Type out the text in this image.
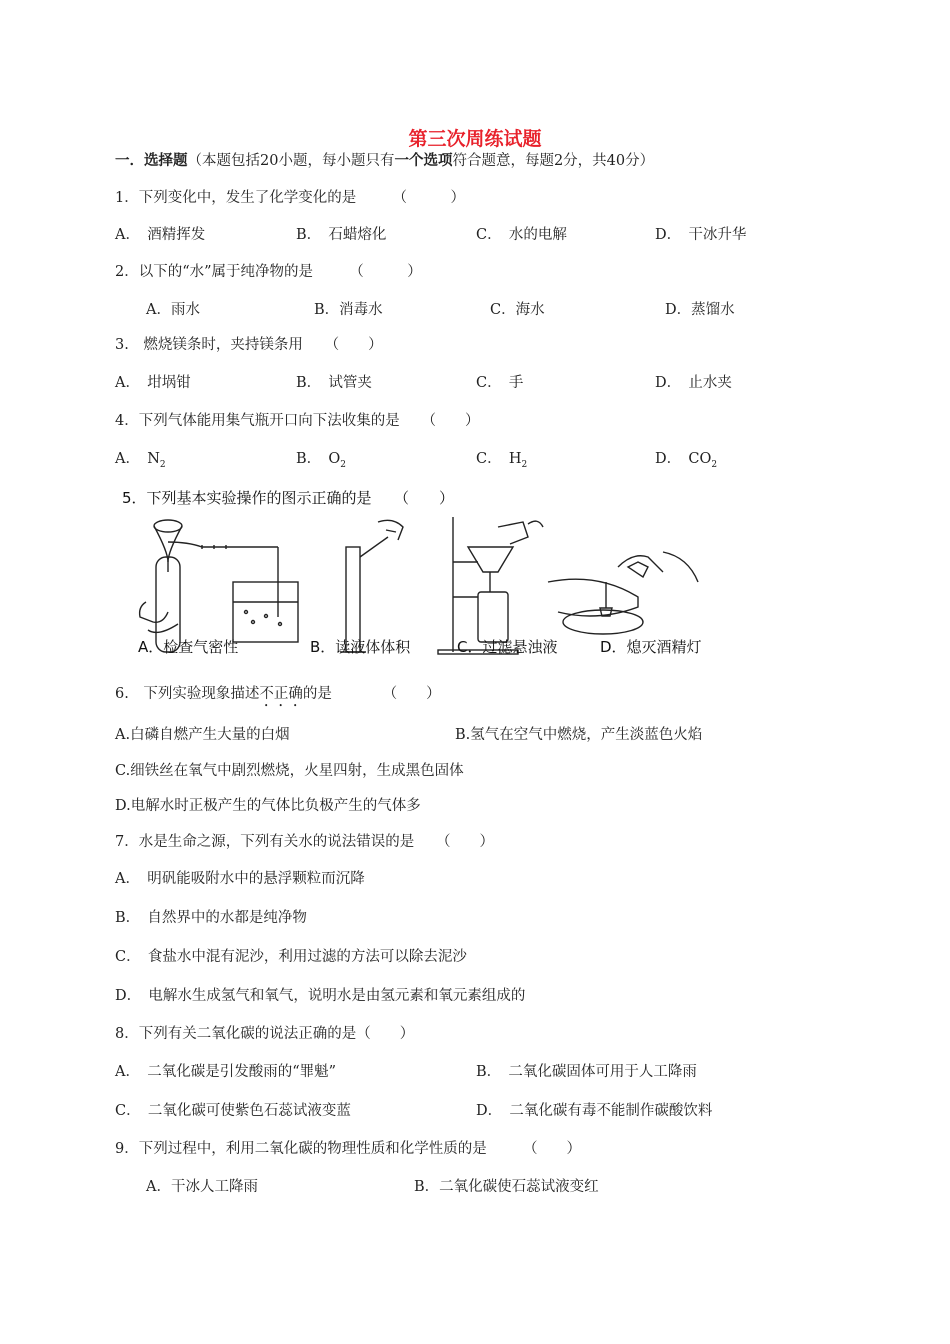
第三次周练试题
一．选择题（本题包括20小题，每小题只有一个选项符合题意，每题2分，共40分）
1．下列变化中，发生了化学变化的是　　　（　　　）
A．　酒精挥发	B．　石蜡熔化	C．　水的电解	D．　干冰升华
2．以下的“水”属于纯净物的是　　　（　　　）
A．雨水	B．消毒水	C．海水	D．蒸馏水
3.　燃烧镁条时，夹持镁条用　　（　　）
A．　坩埚钳	B．　试管夹	C．　手	D．　止水夹
4．下列气体能用集气瓶开口向下法收集的是　　（　　）
A．　$N_2$	B．　$O_2$	C．　$H_2$	D．　$CO_2$
5．下列基本实验操作的图示正确的是　　（　　）
A．检查气密性	B．读液体体积	C．过滤悬浊液	D．熄灭酒精灯
6.　下列实验现象描述不正确的是　　　　（　　）
A.白磷自燃产生大量的白烟	B.氢气在空气中燃烧，产生淡蓝色火焰
C.细铁丝在氧气中剧烈燃烧，火星四射，生成黑色固体
D.电解水时正极产生的气体比负极产生的气体多
7．水是生命之源，下列有关水的说法错误的是　　（　　）
A．　明矾能吸附水中的悬浮颗粒而沉降
B．　自然界中的水都是纯净物
C．　食盐水中混有泥沙，利用过滤的方法可以除去泥沙
D．　电解水生成氢气和氧气，说明水是由氢元素和氧元素组成的
8．下列有关二氧化碳的说法正确的是（　　）
A．　二氧化碳是引发酸雨的“罪魁”	B．　二氧化碳固体可用于人工降雨
C．　二氧化碳可使紫色石蕊试液变蓝	D．　二氧化碳有毒不能制作碳酸饮料
9．下列过程中，利用二氧化碳的物理性质和化学性质的是　　　（　　）
A．干冰人工降雨	B．二氧化碳使石蕊试液变红
